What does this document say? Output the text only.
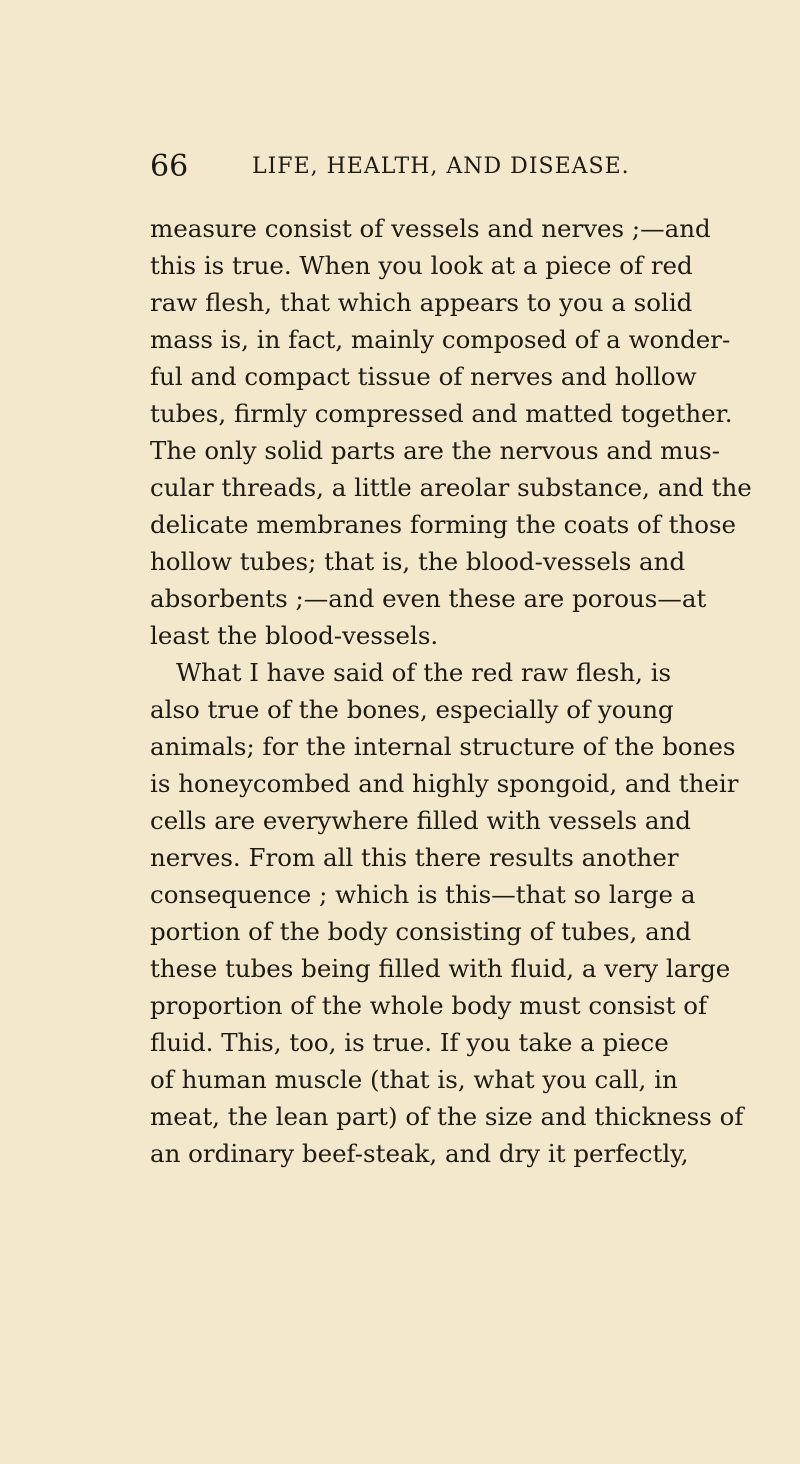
66	LIFE, HEALTH, AND DISEASE.
measure consist of vessels and nerves ;—and
this is true. When you look at a piece of red
raw flesh, that which appears to you a solid
mass is, in fact, mainly composed of a wonder-
ful and compact tissue of nerves and hollow
tubes, firmly compressed and matted together.
The only solid parts are the nervous and mus-
cular threads, a little areolar substance, and the
delicate membranes forming the coats of those
hollow tubes; that is, the blood-vessels and
absorbents ;—and even these are porous—at
least the blood-vessels.
What I have said of the red raw flesh, is
also true of the bones, especially of young
animals; for the internal structure of the bones
is honeycombed and highly spongoid, and their
cells are everywhere filled with vessels and
nerves. From all this there results another
consequence ; which is this—that so large a
portion of the body consisting of tubes, and
these tubes being filled with fluid, a very large
proportion of the whole body must consist of
fluid. This, too, is true. If you take a piece
of human muscle (that is, what you call, in
meat, the lean part) of the size and thickness of
an ordinary beef-steak, and dry it perfectly,
